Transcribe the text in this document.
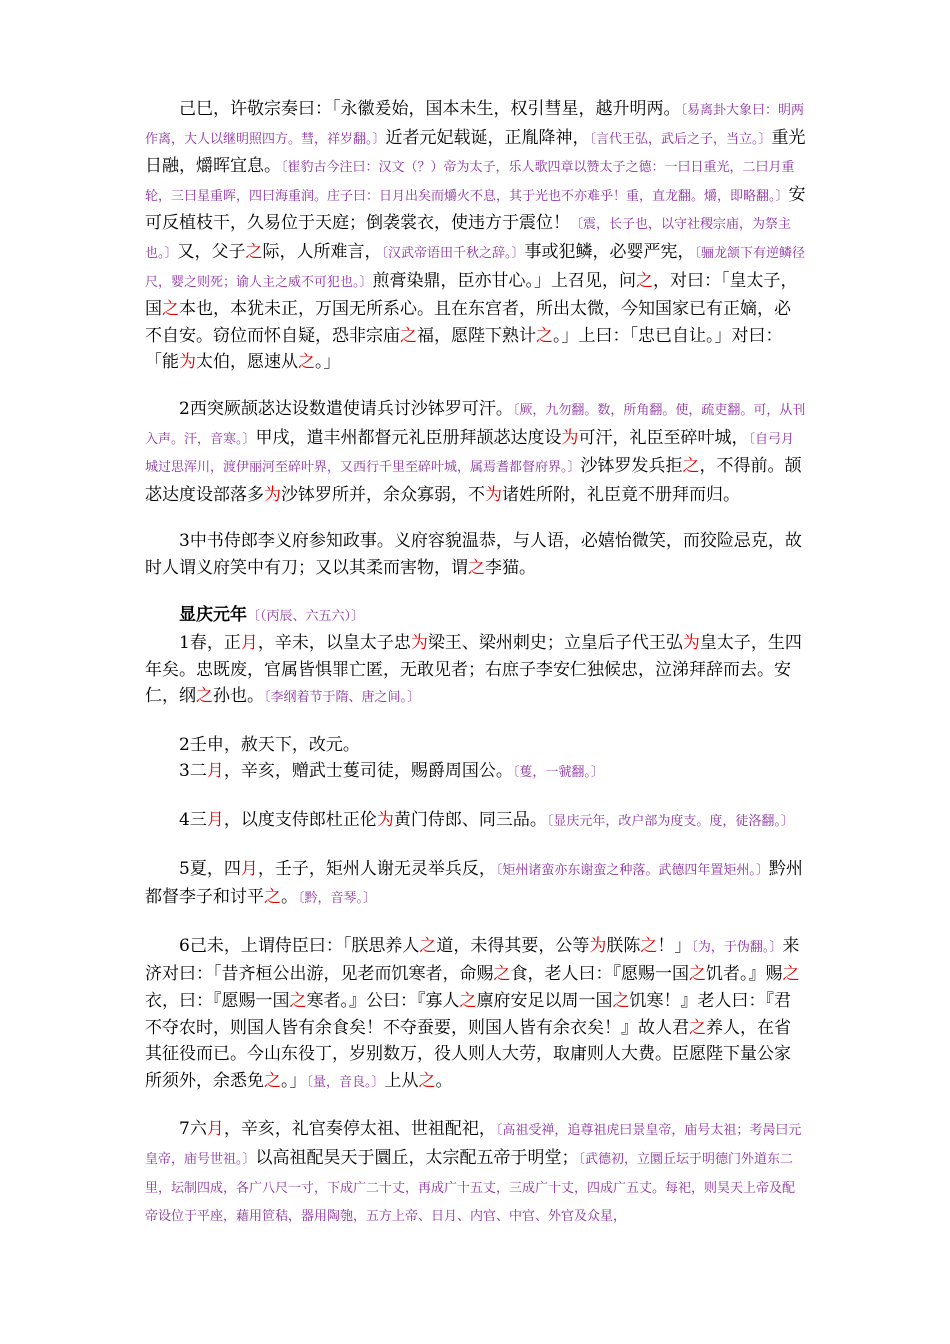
己巳，许敬宗奏曰：「永徽爰始，国本未生，权引彗星，越升明两。〔易离卦大象曰：明两作离，大人以继明照四方。彗，祥岁翻。〕近者元妃载诞，正胤降神，〔言代王弘，武后之子，当立。〕重光日融，爝晖宜息。〔崔豹古今注曰：汉文（？）帝为太子，乐人歌四章以赞太子之德：一曰日重光，二曰月重轮，三曰星重晖，四曰海重润。庄子曰：日月出矣而爝火不息，其于光也不亦难乎！重，直龙翻。爝，即略翻。〕安可反植枝干，久易位于天庭；倒袭裳衣，使违方于震位！〔震，长子也，以守社稷宗庙，为祭主也。〕又，父子之际，人所难言，〔汉武帝语田千秋之辞。〕事或犯鳞，必婴严宪，〔骊龙颔下有逆鳞径尺，婴之则死；谕人主之威不可犯也。〕煎膏染鼎，臣亦甘心。」上召见，问之，对曰：「皇太子，国之本也，本犹未正，万国无所系心。且在东宫者，所出太微，今知国家已有正嫡，必不自安。窃位而怀自疑，恐非宗庙之福，愿陛下熟计之。」上曰：「忠已自让。」对曰：「能为太伯，愿速从之。」

2西突厥颉苾达设数遣使请兵讨沙钵罗可汗。〔厥，九勿翻。数，所角翻。使，疏吏翻。可，从刊入声。汗，音寒。〕甲戌，遣丰州都督元礼臣册拜颉苾达度设为可汗，礼臣至碎叶城，〔自弓月城过思浑川，渡伊丽河至碎叶界，又西行千里至碎叶城，属焉耆都督府界。〕沙钵罗发兵拒之，不得前。颉苾达度设部落多为沙钵罗所并，余众寡弱，不为诸姓所附，礼臣竟不册拜而归。

3中书侍郎李义府参知政事。义府容貌温恭，与人语，必嬉怡微笑，而狡险忌克，故时人谓义府笑中有刀；又以其柔而害物，谓之李猫。

显庆元年〔（丙辰、六五六）〕

1春，正月，辛未，以皇太子忠为梁王、梁州刺史；立皇后子代王弘为皇太子，生四年矣。忠既废，官属皆惧罪亡匿，无敢见者；右庶子李安仁独候忠，泣涕拜辞而去。安仁，纲之孙也。〔李纲着节于隋、唐之间。〕

2壬申，赦天下，改元。

3二月，辛亥，赠武士蒦司徒，赐爵周国公。〔蒦，一虢翻。〕

4三月，以度支侍郎杜正伦为黄门侍郎、同三品。〔显庆元年，改户部为度支。度，徒洛翻。〕

5夏，四月，壬子，矩州人谢无灵举兵反，〔矩州诸蛮亦东谢蛮之种落。武德四年置矩州。〕黔州都督李子和讨平之。〔黔，音琴。〕

6己未，上谓侍臣曰：「朕思养人之道，未得其要，公等为朕陈之！」〔为，于伪翻。〕来济对曰：「昔齐桓公出游，见老而饥寒者，命赐之食，老人曰：『愿赐一国之饥者。』赐之衣，曰：『愿赐一国之寒者。』公曰：『寡人之廪府安足以周一国之饥寒！』老人曰：『君不夺农时，则国人皆有余食矣！不夺蚕要，则国人皆有余衣矣！』故人君之养人，在省其征役而已。今山东役丁，岁别数万，役人则人大劳，取庸则人大费。臣愿陛下量公家所须外，余悉免之。」〔量，音良。〕上从之。

7六月，辛亥，礼官奏停太祖、世祖配祀，〔高祖受禅，追尊祖虎曰景皇帝，庙号太祖；考昺曰元皇帝，庙号世祖。〕以高祖配昊天于圜丘，太宗配五帝于明堂；〔武德初，立圜丘坛于明德门外道东二里，坛制四成，各广八尺一寸，下成广二十丈，再成广十五丈，三成广十丈，四成广五丈。每祀，则昊天上帝及配帝设位于平座，藉用笸秸，器用陶匏，五方上帝、日月、内官、中官、外官及众星，
